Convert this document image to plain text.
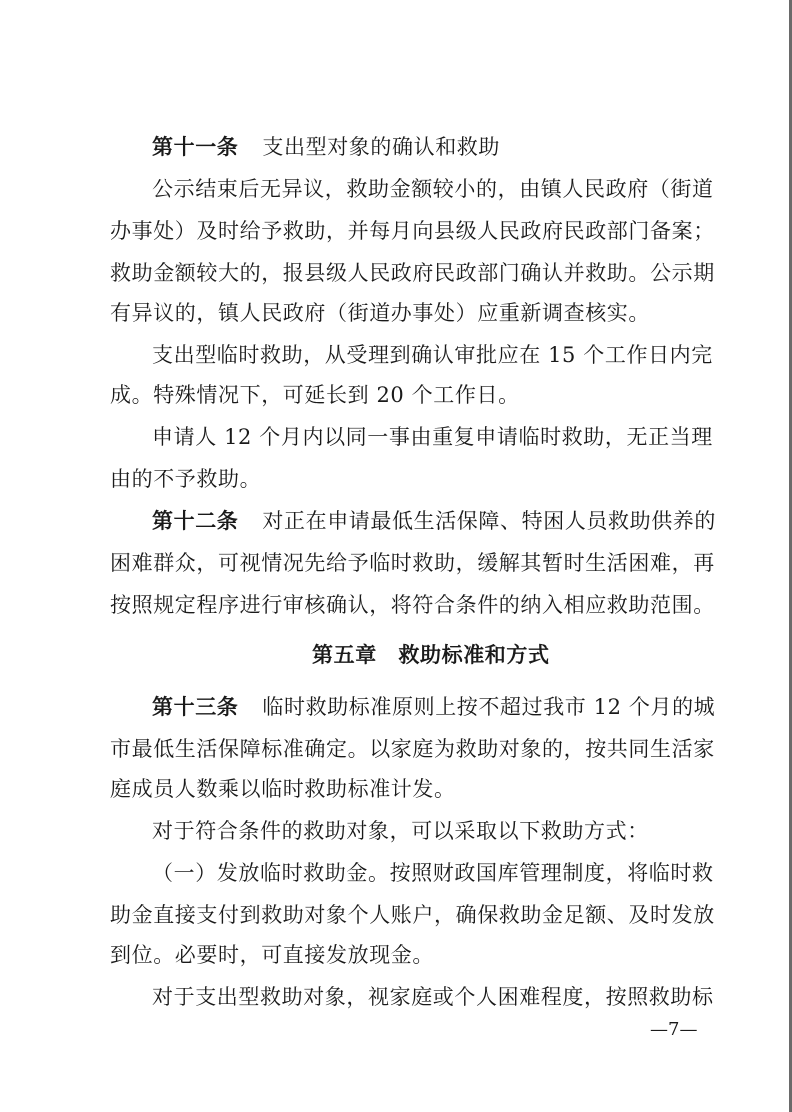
第十一条 支出型对象的确认和救助
公示结束后无异议，救助金额较小的，由镇人民政府（街道
办事处）及时给予救助，并每月向县级人民政府民政部门备案；
救助金额较大的，报县级人民政府民政部门确认并救助。公示期
有异议的，镇人民政府（街道办事处）应重新调查核实。
支出型临时救助，从受理到确认审批应在 15 个工作日内完
成。特殊情况下，可延长到 20 个工作日。
申请人 12 个月内以同一事由重复申请临时救助，无正当理
由的不予救助。
第十二条 对正在申请最低生活保障、特困人员救助供养的
困难群众，可视情况先给予临时救助，缓解其暂时生活困难，再
按照规定程序进行审核确认，将符合条件的纳入相应救助范围。
第五章　救助标准和方式
第十三条 临时救助标准原则上按不超过我市 12 个月的城
市最低生活保障标准确定。以家庭为救助对象的，按共同生活家
庭成员人数乘以临时救助标准计发。
对于符合条件的救助对象，可以采取以下救助方式：
（一）发放临时救助金。按照财政国库管理制度，将临时救
助金直接支付到救助对象个人账户，确保救助金足额、及时发放
到位。必要时，可直接发放现金。
对于支出型救助对象，视家庭或个人困难程度，按照救助标
—7—
